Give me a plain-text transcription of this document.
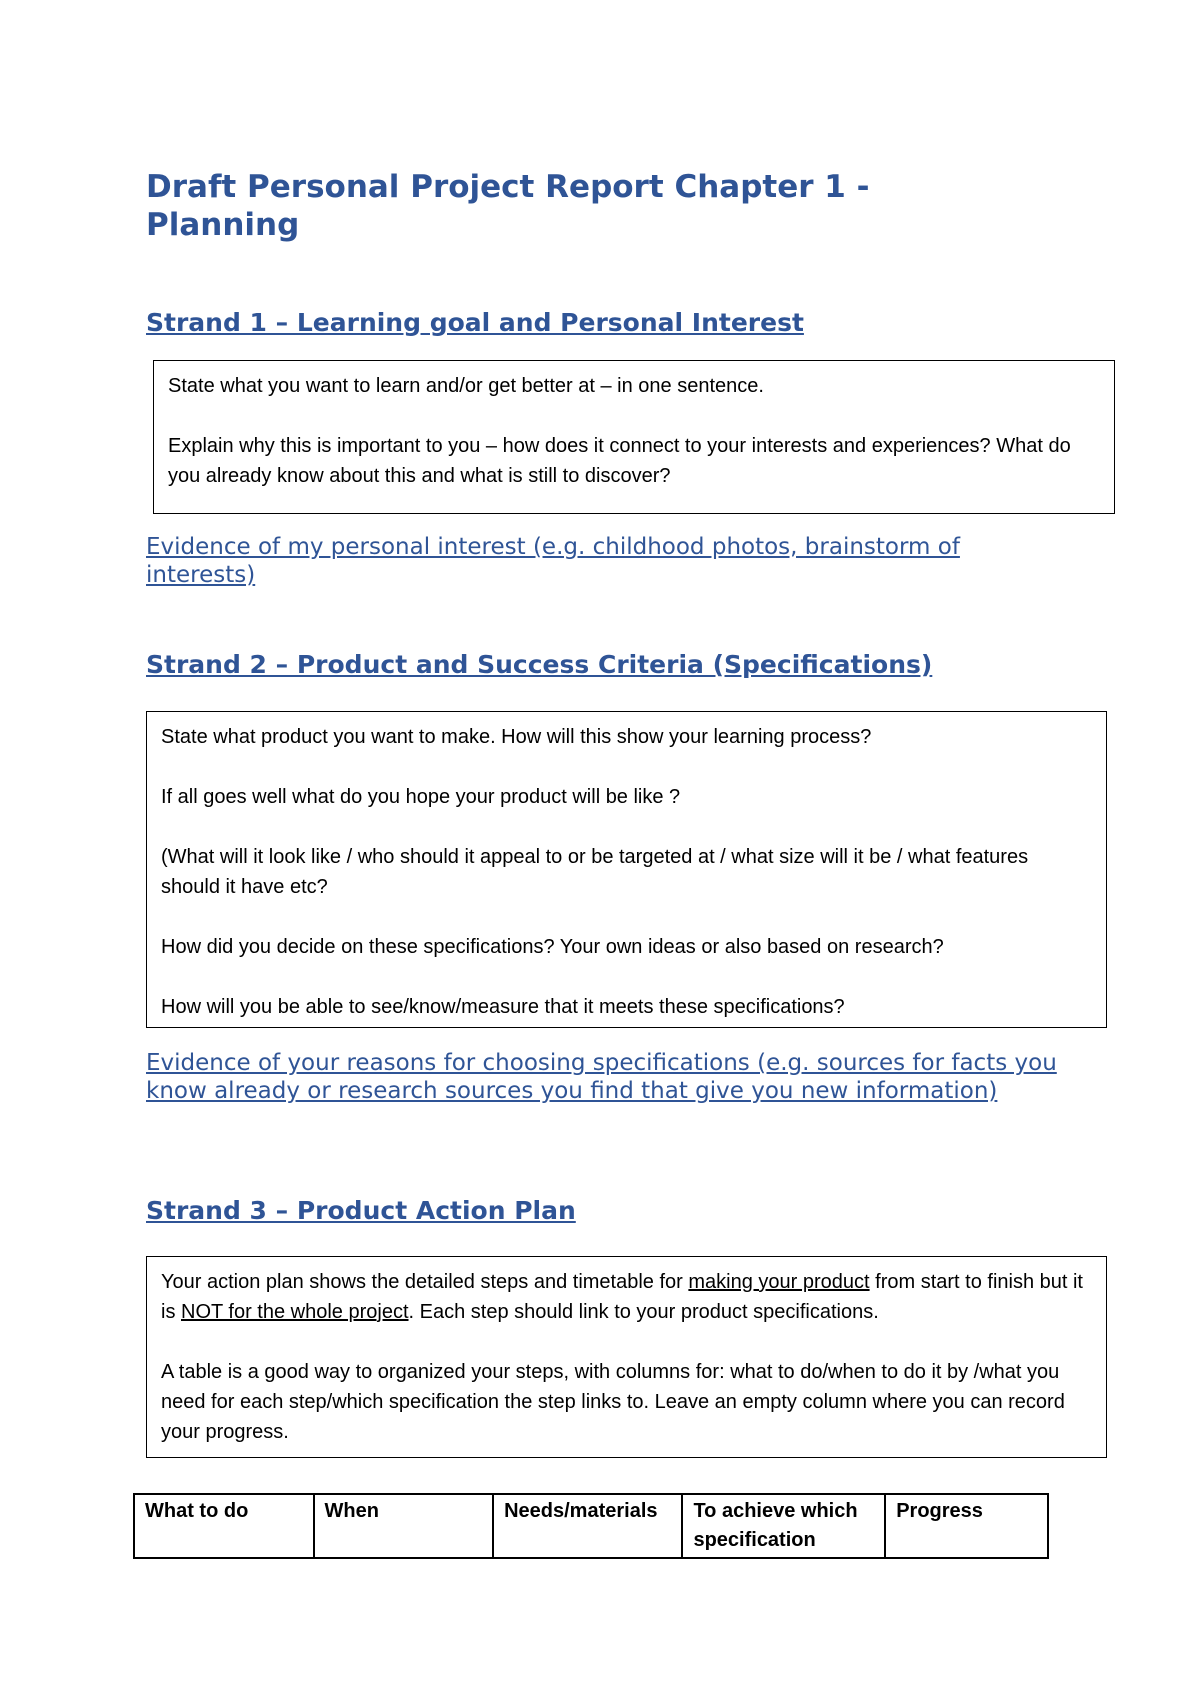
Draft Personal Project Report Chapter 1 - Planning
Strand 1 – Learning goal and Personal Interest

State what you want to learn and/or get better at – in one sentence.

Explain why this is important to you – how does it connect to your interests and experiences? What do you already know about this and what is still to discover?

Evidence of my personal interest (e.g. childhood photos, brainstorm of interests)

Strand 2 – Product and Success Criteria (Specifications)

State what product you want to make. How will this show your learning process?

If all goes well what do you hope your product will be like ?

(What will it look like / who should it appeal to or be targeted at / what size will it be / what features should it have etc?

How did you decide on these specifications? Your own ideas or also based on research?

How will you be able to see/know/measure that it meets these specifications?

Evidence of your reasons for choosing specifications (e.g. sources for facts you know already or research sources you find that give you new information)

Strand 3 – Product Action Plan

Your action plan shows the detailed steps and timetable for making your product from start to finish but it is NOT for the whole project. Each step should link to your product specifications.

A table is a good way to organized your steps, with columns for: what to do/when to do it by /what you need for each step/which specification the step links to. Leave an empty column where you can record your progress.

What to do	When	Needs/materials	To achieve which specification	Progress
